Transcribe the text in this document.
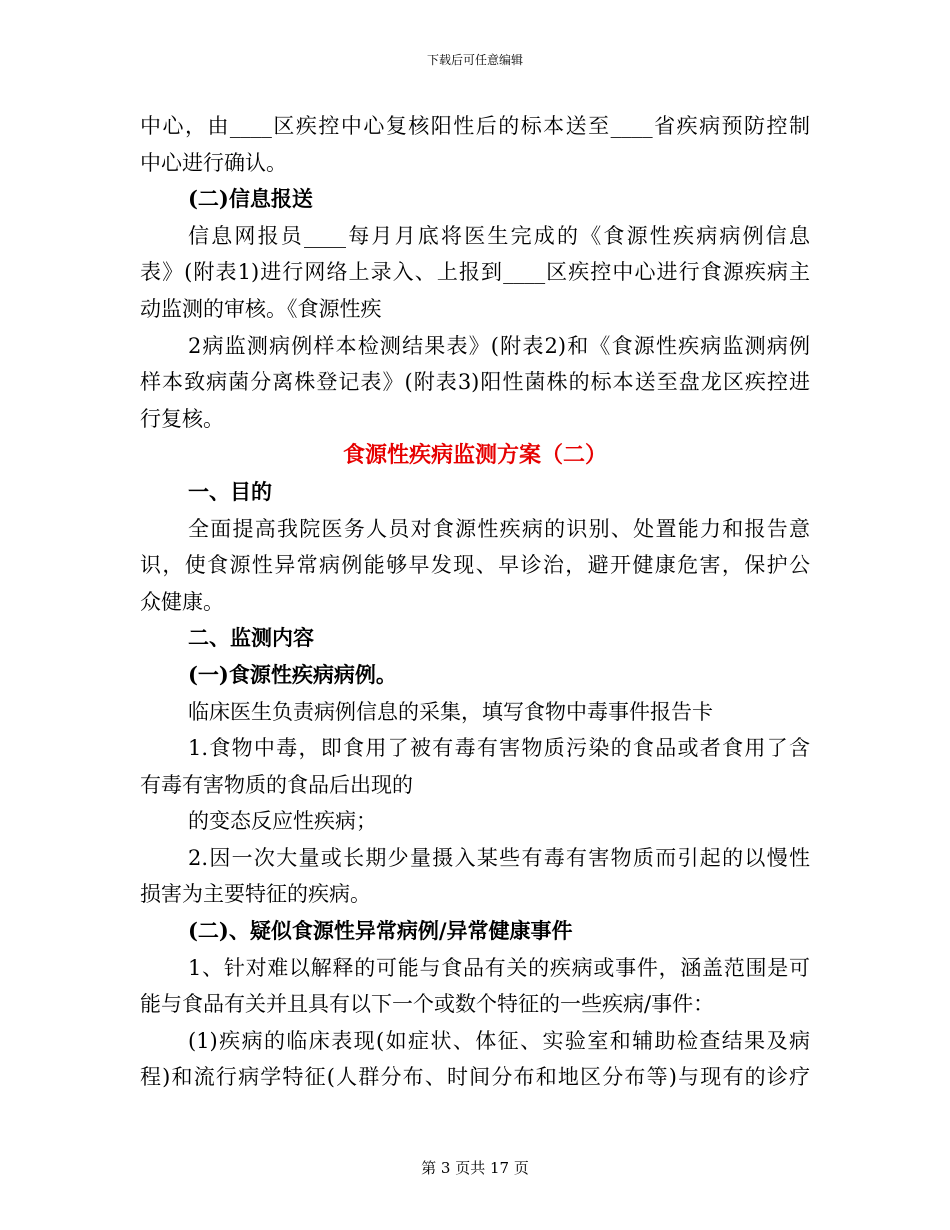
下载后可任意编辑
中心，由____区疾控中心复核阳性后的标本送至____省疾病预防控制
中心进行确认。
(二)信息报送
信息网报员____每月月底将医生完成的《食源性疾病病例信息
表》(附表1)进行网络上录入、上报到____区疾控中心进行食源疾病主
动监测的审核。《食源性疾
2病监测病例样本检测结果表》(附表2)和《食源性疾病监测病例
样本致病菌分离株登记表》(附表3)阳性菌株的标本送至盘龙区疾控进
行复核。
食源性疾病监测方案（二）
一、目的
全面提高我院医务人员对食源性疾病的识别、处置能力和报告意
识，使食源性异常病例能够早发现、早诊治，避开健康危害，保护公
众健康。
二、监测内容
(一)食源性疾病病例。
临床医生负责病例信息的采集，填写食物中毒事件报告卡
1.食物中毒，即食用了被有毒有害物质污染的食品或者食用了含
有毒有害物质的食品后出现的
的变态反应性疾病；
2.因一次大量或长期少量摄入某些有毒有害物质而引起的以慢性
损害为主要特征的疾病。
(二)、疑似食源性异常病例/异常健康事件
1、针对难以解释的可能与食品有关的疾病或事件，涵盖范围是可
能与食品有关并且具有以下一个或数个特征的一些疾病/事件：
(1)疾病的临床表现(如症状、体征、实验室和辅助检查结果及病
程)和流行病学特征(人群分布、时间分布和地区分布等)与现有的诊疗
第 3 页共 17 页
